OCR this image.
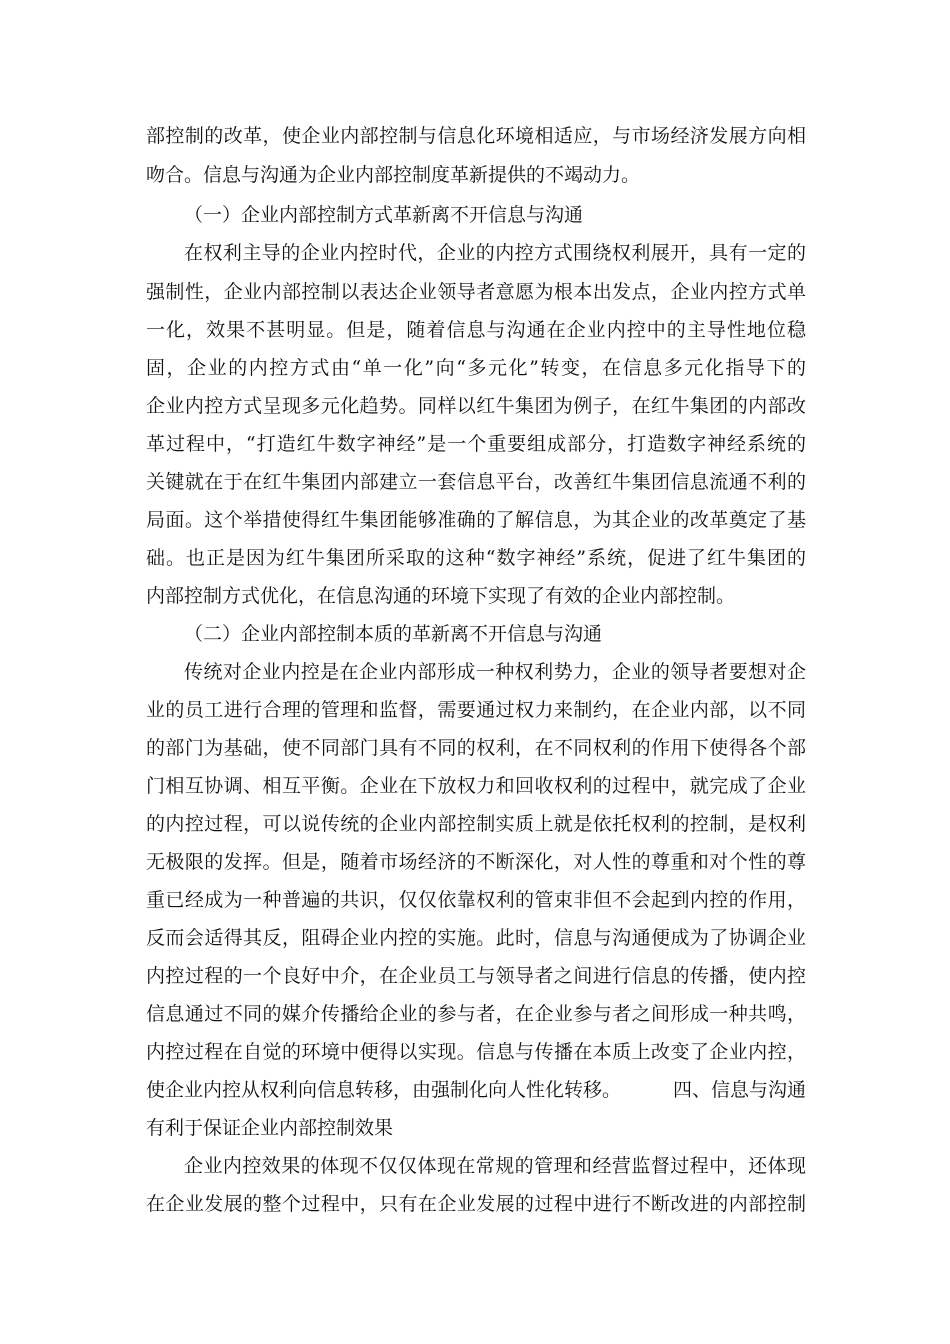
部控制的改革，使企业内部控制与信息化环境相适应，与市场经济发展方向相
吻合。信息与沟通为企业内部控制度革新提供的不竭动力。
（一）企业内部控制方式革新离不开信息与沟通
在权利主导的企业内控时代，企业的内控方式围绕权利展开，具有一定的
强制性，企业内部控制以表达企业领导者意愿为根本出发点，企业内控方式单
一化，效果不甚明显。但是，随着信息与沟通在企业内控中的主导性地位稳
固，企业的内控方式由“单一化”向“多元化”转变，在信息多元化指导下的
企业内控方式呈现多元化趋势。同样以红牛集团为例子，在红牛集团的内部改
革过程中，“打造红牛数字神经”是一个重要组成部分，打造数字神经系统的
关键就在于在红牛集团内部建立一套信息平台，改善红牛集团信息流通不利的
局面。这个举措使得红牛集团能够准确的了解信息，为其企业的改革奠定了基
础。也正是因为红牛集团所采取的这种“数字神经”系统，促进了红牛集团的
内部控制方式优化，在信息沟通的环境下实现了有效的企业内部控制。
（二）企业内部控制本质的革新离不开信息与沟通
传统对企业内控是在企业内部形成一种权利势力，企业的领导者要想对企
业的员工进行合理的管理和监督，需要通过权力来制约，在企业内部，以不同
的部门为基础，使不同部门具有不同的权利，在不同权利的作用下使得各个部
门相互协调、相互平衡。企业在下放权力和回收权利的过程中，就完成了企业
的内控过程，可以说传统的企业内部控制实质上就是依托权利的控制，是权利
无极限的发挥。但是，随着市场经济的不断深化，对人性的尊重和对个性的尊
重已经成为一种普遍的共识，仅仅依靠权利的管束非但不会起到内控的作用，
反而会适得其反，阻碍企业内控的实施。此时，信息与沟通便成为了协调企业
内控过程的一个良好中介，在企业员工与领导者之间进行信息的传播，使内控
信息通过不同的媒介传播给企业的参与者，在企业参与者之间形成一种共鸣，
内控过程在自觉的环境中便得以实现。信息与传播在本质上改变了企业内控，
使企业内控从权利向信息转移，由强制化向人性化转移。	四、信息与沟通
有利于保证企业内部控制效果
企业内控效果的体现不仅仅体现在常规的管理和经营监督过程中，还体现
在企业发展的整个过程中，只有在企业发展的过程中进行不断改进的内部控制
